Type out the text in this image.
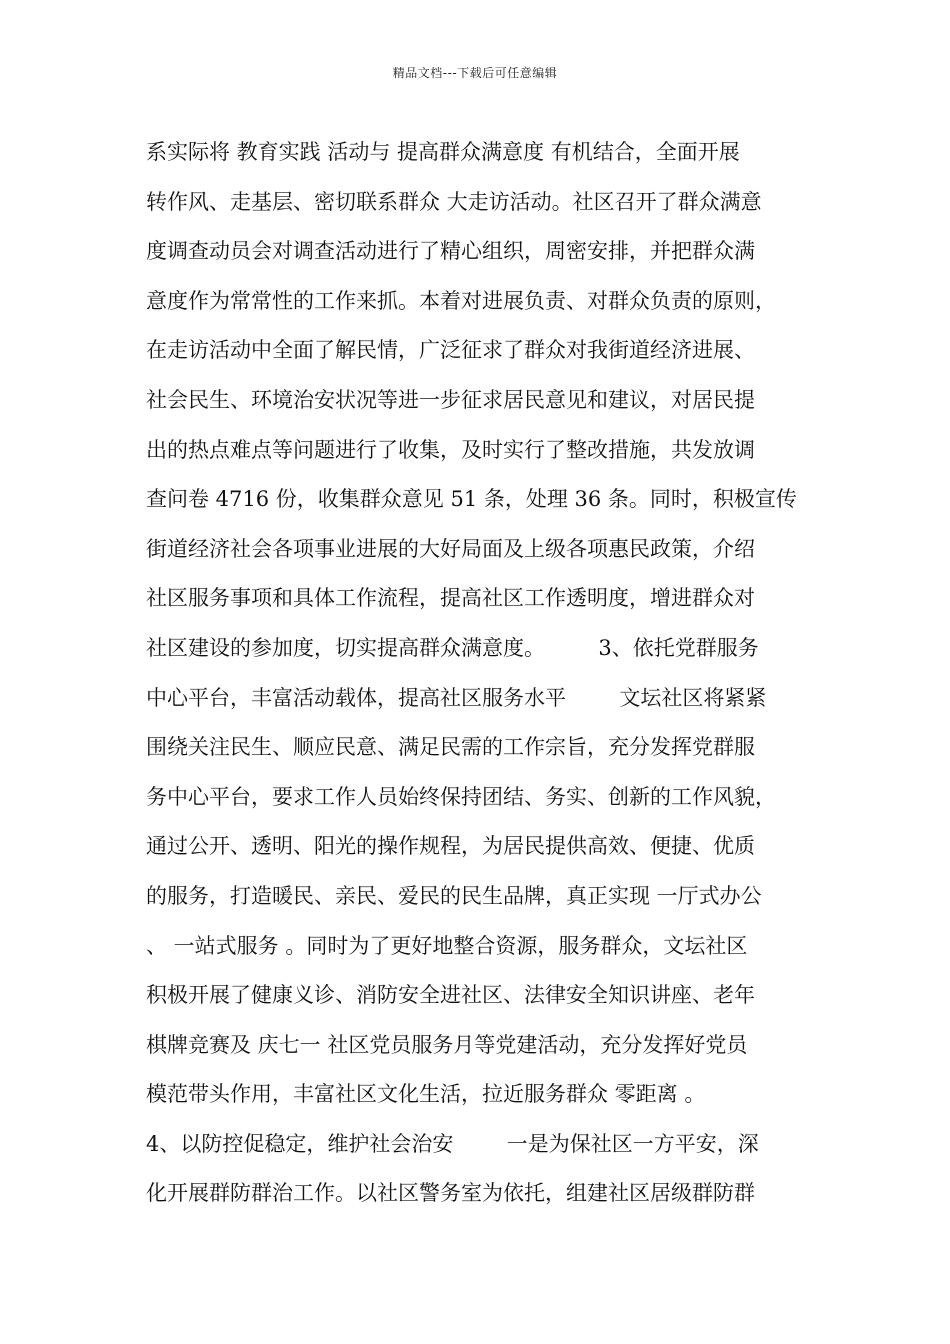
精品文档---下载后可任意编辑
系实际将 教育实践 活动与 提高群众满意度 有机结合，全面开展
转作风、走基层、密切联系群众 大走访活动。社区召开了群众满意
度调查动员会对调查活动进行了精心组织，周密安排，并把群众满
意度作为常常性的工作来抓。本着对进展负责、对群众负责的原则，
在走访活动中全面了解民情，广泛征求了群众对我街道经济进展、
社会民生、环境治安状况等进一步征求居民意见和建议，对居民提
出的热点难点等问题进行了收集，及时实行了整改措施，共发放调
查问卷 4716 份，收集群众意见 51 条，处理 36 条。同时，积极宣传
街道经济社会各项事业进展的大好局面及上级各项惠民政策，介绍
社区服务事项和具体工作流程，提高社区工作透明度，增进群众对
社区建设的参加度，切实提高群众满意度。        3、依托党群服务
中心平台，丰富活动载体，提高社区服务水平        文坛社区将紧紧
围绕关注民生、顺应民意、满足民需的工作宗旨，充分发挥党群服
务中心平台，要求工作人员始终保持团结、务实、创新的工作风貌，
通过公开、透明、阳光的操作规程，为居民提供高效、便捷、优质
的服务，打造暖民、亲民、爱民的民生品牌，真正实现 一厅式办公
、 一站式服务 。同时为了更好地整合资源，服务群众，文坛社区
积极开展了健康义诊、消防安全进社区、法律安全知识讲座、老年
棋牌竞赛及 庆七一 社区党员服务月等党建活动，充分发挥好党员
模范带头作用，丰富社区文化生活，拉近服务群众 零距离 。
4、以防控促稳定，维护社会治安        一是为保社区一方平安，深
化开展群防群治工作。以社区警务室为依托，组建社区居级群防群
